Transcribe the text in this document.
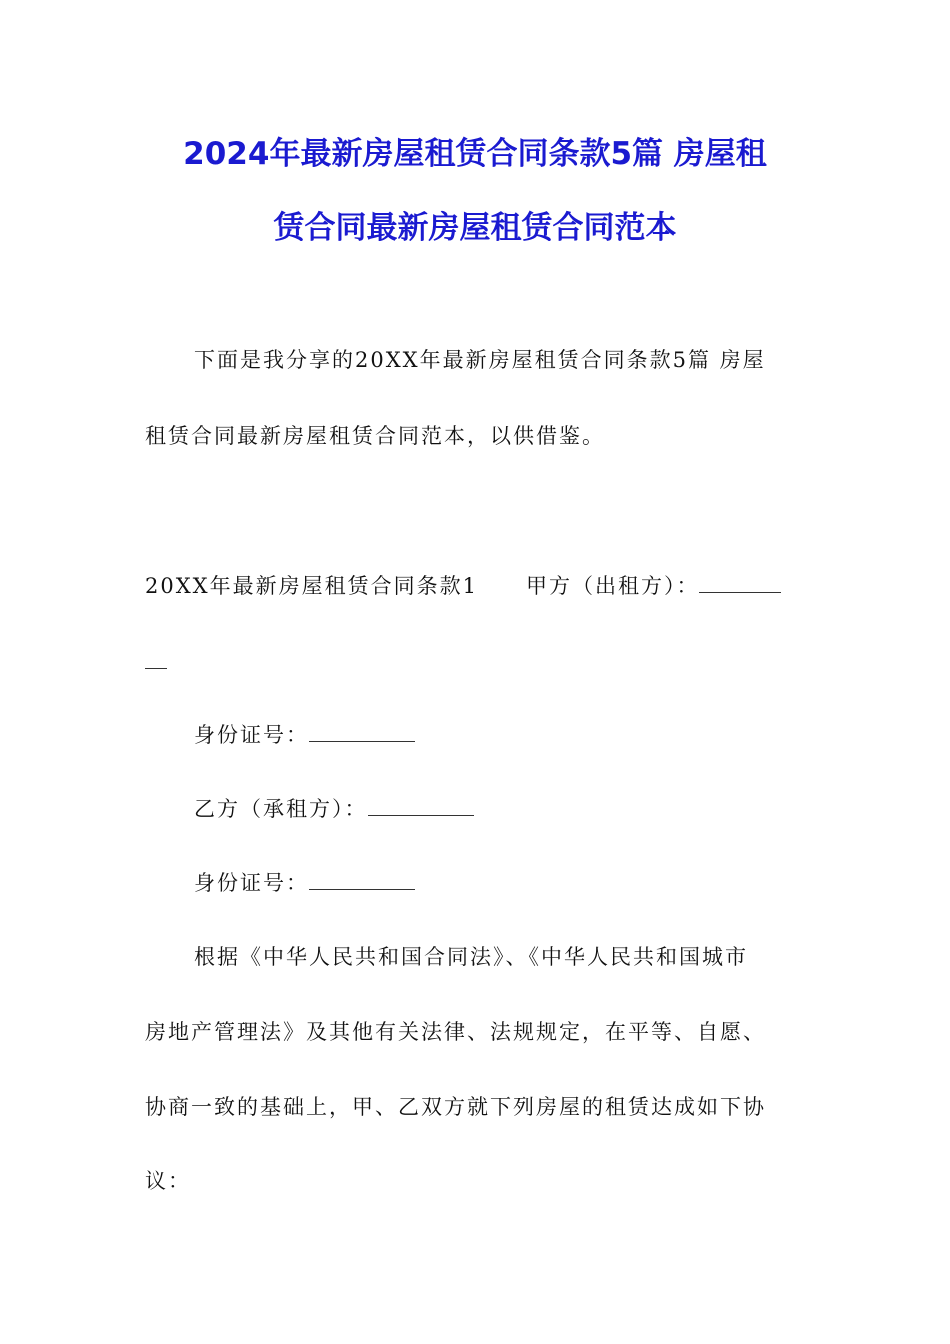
2024年最新房屋租赁合同条款5篇 房屋租
赁合同最新房屋租赁合同范本
下面是我分享的20XX年最新房屋租赁合同条款5篇 房屋
租赁合同最新房屋租赁合同范本，以供借鉴。
20XX年最新房屋租赁合同条款1 甲方（出租方）：
身份证号：
乙方（承租方）：
身份证号：
根据《中华人民共和国合同法》、《中华人民共和国城市
房地产管理法》及其他有关法律、法规规定，在平等、自愿、
协商一致的基础上，甲、乙双方就下列房屋的租赁达成如下协
议：
